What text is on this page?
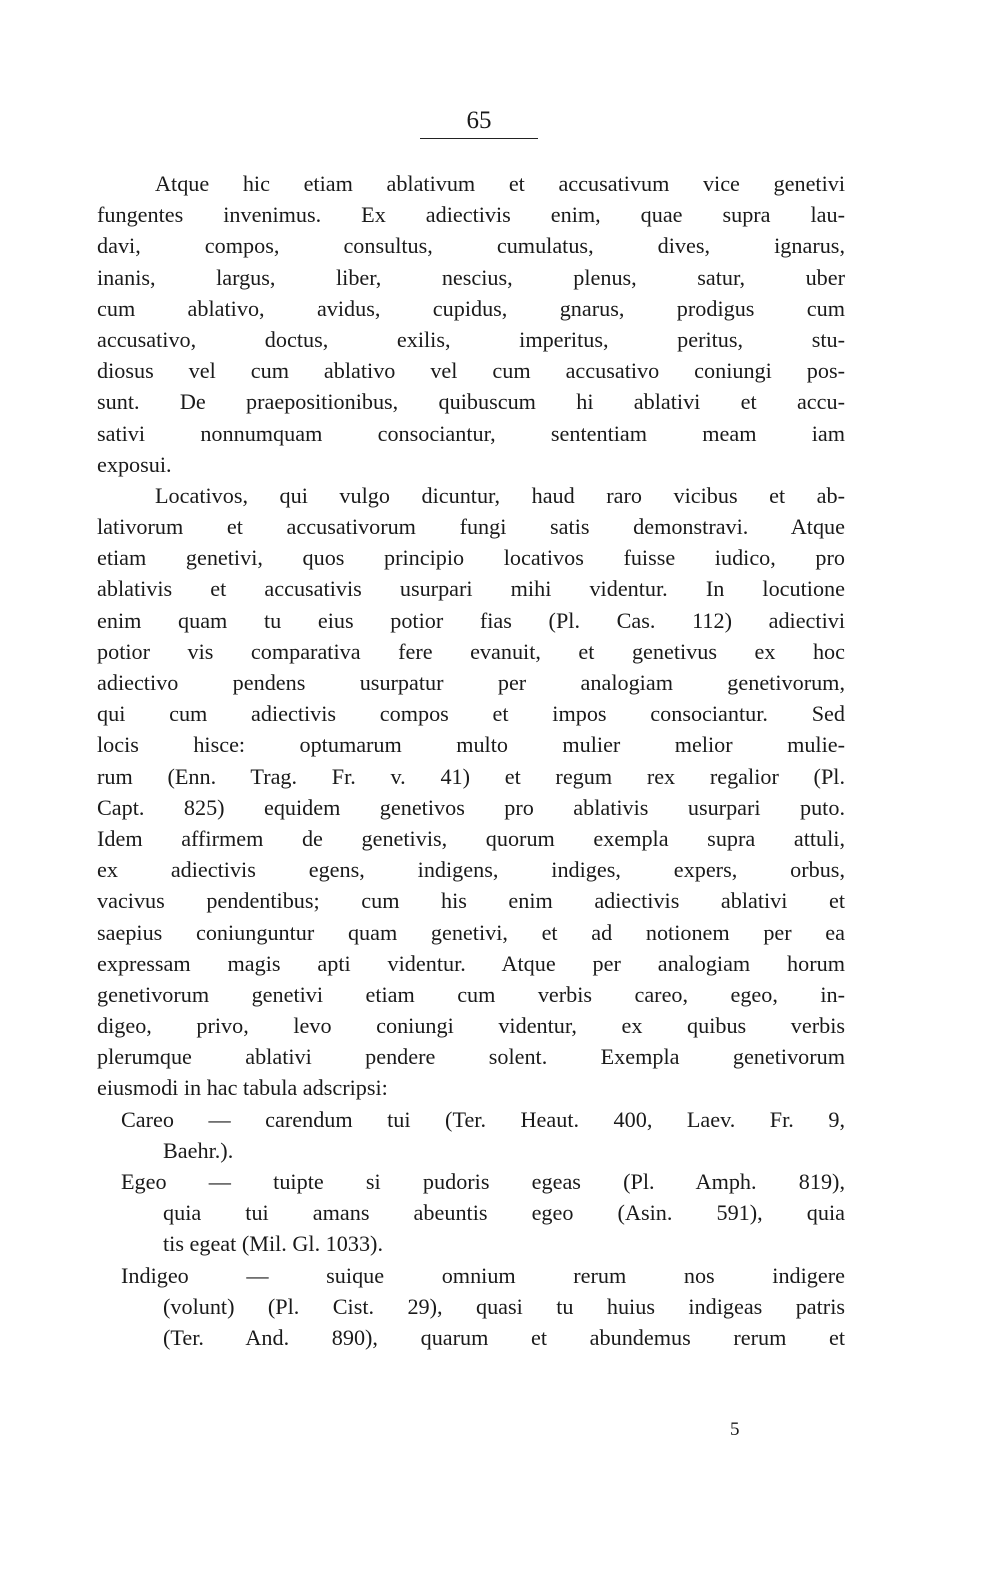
65
Atque hic etiam ablativum et accusativum vice genetivi
fungentes invenimus. Ex adiectivis enim, quae supra lau-
davi, compos, consultus, cumulatus, dives, ignarus,
inanis, largus, liber, nescius, plenus, satur, uber
cum ablativo, avidus, cupidus, gnarus, prodigus cum
accusativo, doctus, exilis, imperitus, peritus, stu-
diosus vel cum ablativo vel cum accusativo coniungi pos-
sunt. De praepositionibus, quibuscum hi ablativi et accu-
sativi nonnumquam consociantur, sententiam meam iam
exposui.
Locativos, qui vulgo dicuntur, haud raro vicibus et ab-
lativorum et accusativorum fungi satis demonstravi. Atque
etiam genetivi, quos principio locativos fuisse iudico, pro
ablativis et accusativis usurpari mihi videntur. In locutione
enim quam tu eius potior fias (Pl. Cas. 112) adiectivi
potior vis comparativa fere evanuit, et genetivus ex hoc
adiectivo pendens usurpatur per analogiam genetivorum,
qui cum adiectivis compos et impos consociantur. Sed
locis hisce: optumarum multo mulier melior mulie-
rum (Enn. Trag. Fr. v. 41) et regum rex regalior (Pl.
Capt. 825) equidem genetivos pro ablativis usurpari puto.
Idem affirmem de genetivis, quorum exempla supra attuli,
ex adiectivis egens, indigens, indiges, expers, orbus,
vacivus pendentibus; cum his enim adiectivis ablativi et
saepius coniunguntur quam genetivi, et ad notionem per ea
expressam magis apti videntur. Atque per analogiam horum
genetivorum genetivi etiam cum verbis careo, egeo, in-
digeo, privo, levo coniungi videntur, ex quibus verbis
plerumque ablativi pendere solent. Exempla genetivorum
eiusmodi in hac tabula adscripsi:
Careo — carendum tui (Ter. Heaut. 400, Laev. Fr. 9,
Baehr.).
Egeo — tuipte si pudoris egeas (Pl. Amph. 819),
quia tui amans abeuntis egeo (Asin. 591), quia
tis egeat (Mil. Gl. 1033).
Indigeo — suique omnium rerum nos indigere
(volunt) (Pl. Cist. 29), quasi tu huius indigeas patris
(Ter. And. 890), quarum et abundemus rerum et
5
